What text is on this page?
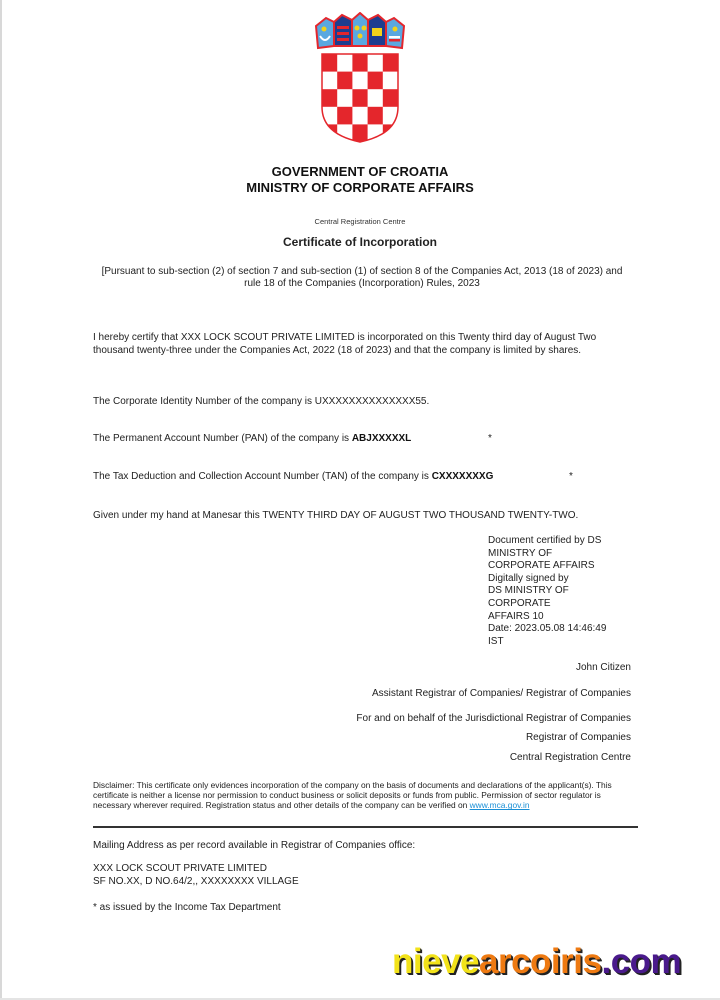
GOVERNMENT OF CROATIA
MINISTRY OF CORPORATE AFFAIRS
Central Registration Centre
Certificate of Incorporation
[Pursuant to sub-section (2) of section 7 and sub-section (1) of section 8 of the Companies Act, 2013 (18 of 2023) and
rule 18 of the Companies (Incorporation) Rules, 2023
I hereby certify that XXX LOCK SCOUT PRIVATE LIMITED is incorporated on this Twenty third day of August Two thousand twenty-three under the Companies Act, 2022 (18 of 2023) and that the company is limited by shares.
The Corporate Identity Number of the company is UXXXXXXXXXXXXXX55.
The Permanent Account Number (PAN) of the company is ABJXXXXXL	*
The Tax Deduction and Collection Account Number (TAN) of the company is CXXXXXXXG	*
Given under my hand at Manesar this TWENTY THIRD DAY OF AUGUST TWO THOUSAND TWENTY-TWO.
Document certified by DS
MINISTRY OF
CORPORATE AFFAIRS
Digitally signed by
DS MINISTRY OF
CORPORATE
AFFAIRS 10
Date: 2023.05.08 14:46:49
IST
John Citizen
Assistant Registrar of Companies/ Registrar of Companies
For and on behalf of the Jurisdictional Registrar of Companies
Registrar of Companies
Central Registration Centre
Disclaimer: This certificate only evidences incorporation of the company on the basis of documents and declarations of the applicant(s). This certificate is neither a license nor permission to conduct business or solicit deposits or funds from public. Permission of sector regulator is necessary wherever required. Registration status and other details of the company can be verified on www.mca.gov.in
Mailing Address as per record available in Registrar of Companies office:
XXX LOCK SCOUT PRIVATE LIMITED
SF NO.XX, D NO.64/2,, XXXXXXXX VILLAGE
* as issued by the Income Tax Department
nievearcoiris.com
